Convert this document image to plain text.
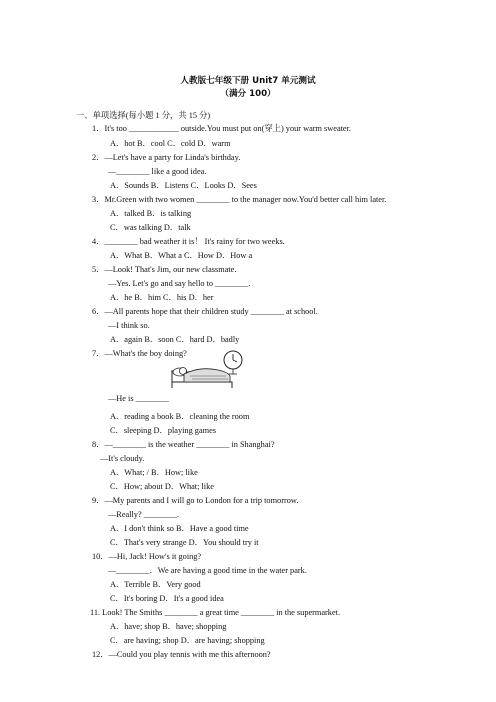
人教版七年级下册 Unit7 单元测试
（满分 100）
一、单项选择(每小题 1 分，共 15 分)
1．It's too ____________ outside.You must put on(穿上) your warm sweater.
A．hot B．cool C．cold D．warm
2．—Let's have a party for Linda's birthday.
—________ like a good idea.
A．Sounds B．Listens C．Looks D．Sees
3．Mr.Green with two women ________ to the manager now.You'd better call him later.
A．talked B．is talking
C．was talking D．talk
4．________ bad weather it is！ It's rainy for two weeks.
A．What B．What a C．How D．How a
5．—Look! That's Jim, our new classmate.
—Yes. Let's go and say hello to ________.
A．he B．him C．his D．her
6．—All parents hope that their children study ________ at school.
—I think so.
A．again B．soon C．hard D．badly
7．—What's the boy doing?
—He is ________
A．reading a book B．cleaning the room
C．sleeping D．playing games
8．—________ is the weather ________ in Shanghai?
—It's cloudy.
A．What; / B．How; like
C．How; about D．What; like
9．—My parents and I will go to London for a trip tomorrow.
—Really? ________.
A．I don't think so B．Have a good time
C．That's very strange D．You should try it
10．—Hi, Jack! How's it going?
—________．We are having a good time in the water park.
A．Terrible B．Very good
C．It's boring D．It's a good idea
11. Look! The Smiths ________ a great time ________ in the supermarket.
A．have; shop B．have; shopping
C．are having; shop D．are having; shopping
12．—Could you play tennis with me this afternoon?
